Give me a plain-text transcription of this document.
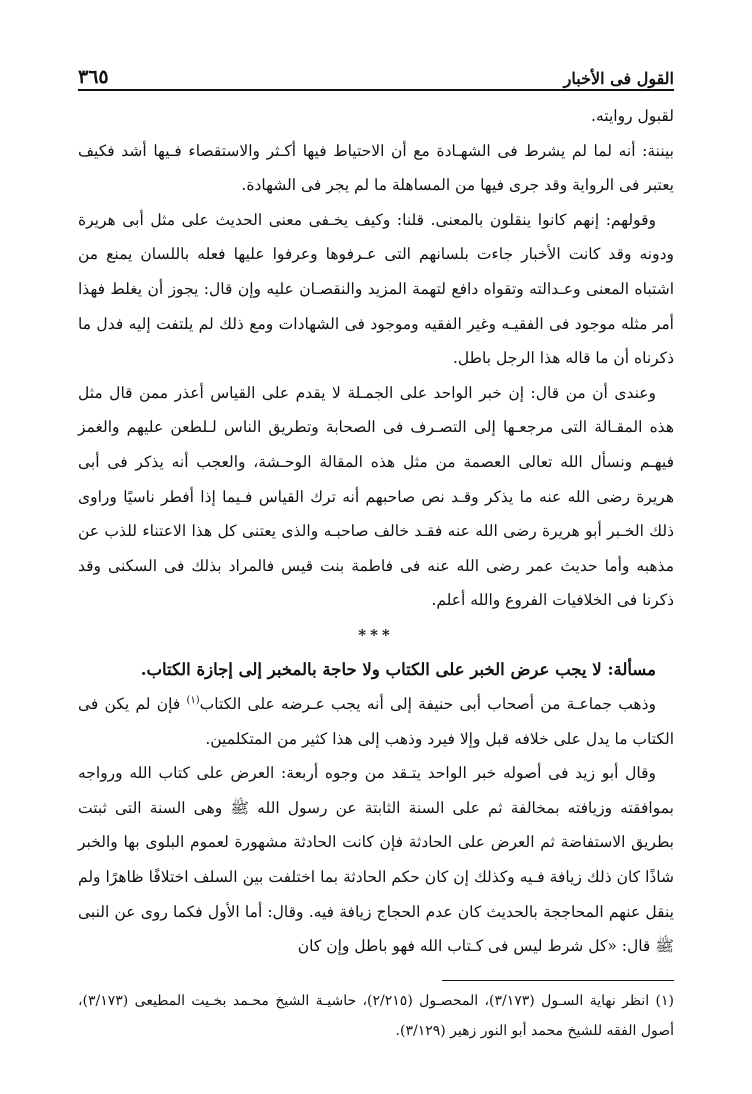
القول فى الأخبار
٣٦٥

لقبول روايته.

بيننة: أنه لما لم يشرط فى الشهـادة مع أن الاحتياط فيها أكـثر والاستقصاء فـيها أشد فكيف يعتبر فى الرواية وقد جرى فيها من المساهلة ما لم يجر فى الشهادة.

وقولهم: إنهم كانوا ينقلون بالمعنى. قلنا: وكيف يخـفى معنى الحديث على مثل أبى هريرة ودونه وقد كانت الأخبار جاءت بلسانهم التى عـرفوها وعرفوا عليها فعله باللسان يمنع من اشتباه المعنى وعـدالته وتقواه دافع لتهمة المزيد والنقصـان عليه وإن قال: يجوز أن يغلط فهذا أمر مثله موجود فى الفقيـه وغير الفقيه وموجود فى الشهادات ومع ذلك لم يلتفت إليه فدل ما ذكرناه أن ما قاله هذا الرجل باطل.

وعندى أن من قال: إن خبر الواحد على الجمـلة لا يقدم على القياس أعذر ممن قال مثل هذه المقـالة التى مرجعـها إلى التصـرف فى الصحابة وتطريق الناس لـلطعن عليهم والغمز فيهـم ونسأل الله تعالى العصمة من مثل هذه المقالة الوحـشة، والعجب أنه يذكر فى أبى هريرة رضى الله عنه ما يذكر وقـد نص صاحبهم أنه ترك القياس فـيما إذا أفطر ناسيًا وراوى ذلك الخـبر أبو هريرة رضى الله عنه فقـد خالف صاحبـه والذى يعتنى كل هذا الاعتناء للذب عن مذهبه وأما حديث عمر رضى الله عنه فى فاطمة بنت قيس فالمراد بذلك فى السكنى وقد ذكرنا فى الخلافيات الفروع والله أعلم.

***

مسألة: لا يجب عرض الخبر على الكتاب ولا حاجة بالمخبر إلى إجازة الكتاب.

وذهب جماعـة من أصحاب أبى حنيفة إلى أنه يجب عـرضه على الكتاب$^{(١)}$ فإن لم يكن فى الكتاب ما يدل على خلافه قبل وإلا فيرد وذهب إلى هذا كثير من المتكلمين.

وقال أبو زيد فى أصوله خبر الواحد يتـقد من وجوه أربعة: العرض على كتاب الله ورواجه بموافقته وزيافته بمخالفة ثم على السنة الثابتة عن رسول الله ﷺ وهى السنة التى ثبتت بطريق الاستفاضة ثم العرض على الحادثة فإن كانت الحادثة مشهورة لعموم البلوى بها والخبر شاذًا كان ذلك زيافة فـيه وكذلك إن كان حكم الحادثة بما اختلفت بين السلف اختلافًا ظاهرًا ولم ينقل عنهم المحاججة بالحديث كان عدم الحجاج زيافة فيه. وقال: أما الأول فكما روى عن النبى ﷺ قال: «كل شرط ليس فى كـتاب الله فهو باطل وإن كان

(١) انظر نهاية السـول (٣/١٧٣)، المحصـول (٢/٢١٥)، حاشيـة الشيخ محـمد بخـيت المطيعى (٣/١٧٣)، أصول الفقه للشيخ محمد أبو النور زهير (٣/١٢٩).
